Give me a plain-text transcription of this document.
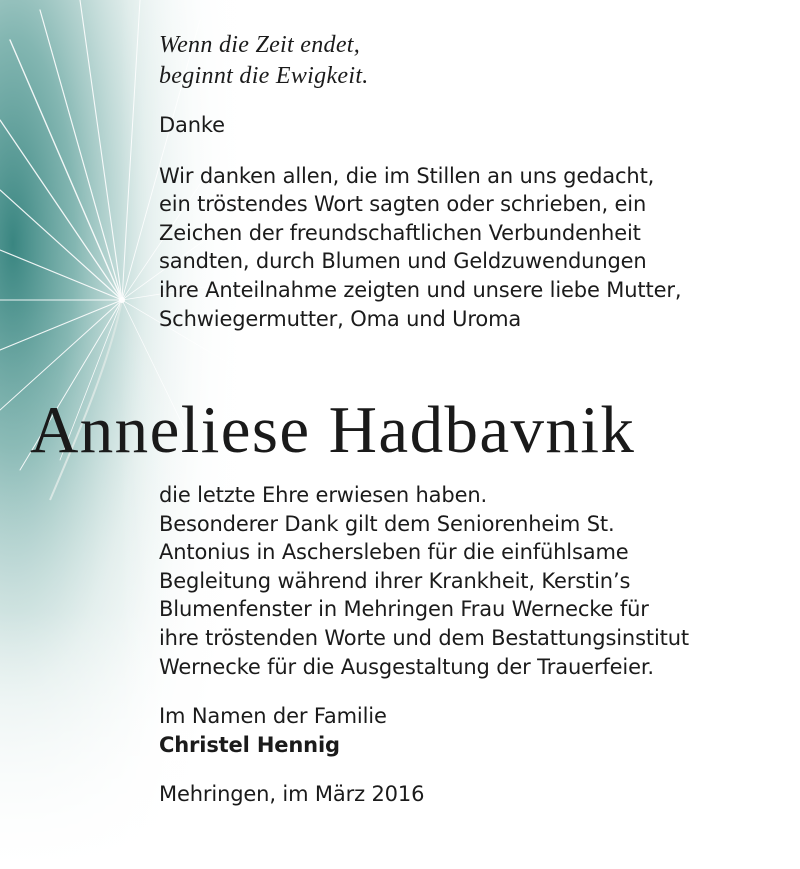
Wenn die Zeit endet,
beginnt die Ewigkeit.
Danke
Wir danken allen, die im Stillen an uns gedacht,
ein tröstendes Wort sagten oder schrieben, ein
Zeichen der freundschaftlichen Verbundenheit
sandten, durch Blumen und Geldzuwendungen
ihre Anteilnahme zeigten und unsere liebe Mutter,
Schwiegermutter, Oma und Uroma
Anneliese Hadbavnik
die letzte Ehre erwiesen haben.
Besonderer Dank gilt dem Seniorenheim St.
Antonius in Aschersleben für die einfühlsame
Begleitung während ihrer Krankheit, Kerstin’s
Blumenfenster in Mehringen Frau Wernecke für
ihre tröstenden Worte und dem Bestattungsinstitut
Wernecke für die Ausgestaltung der Trauerfeier.
Im Namen der Familie
Christel Hennig
Mehringen, im März 2016
